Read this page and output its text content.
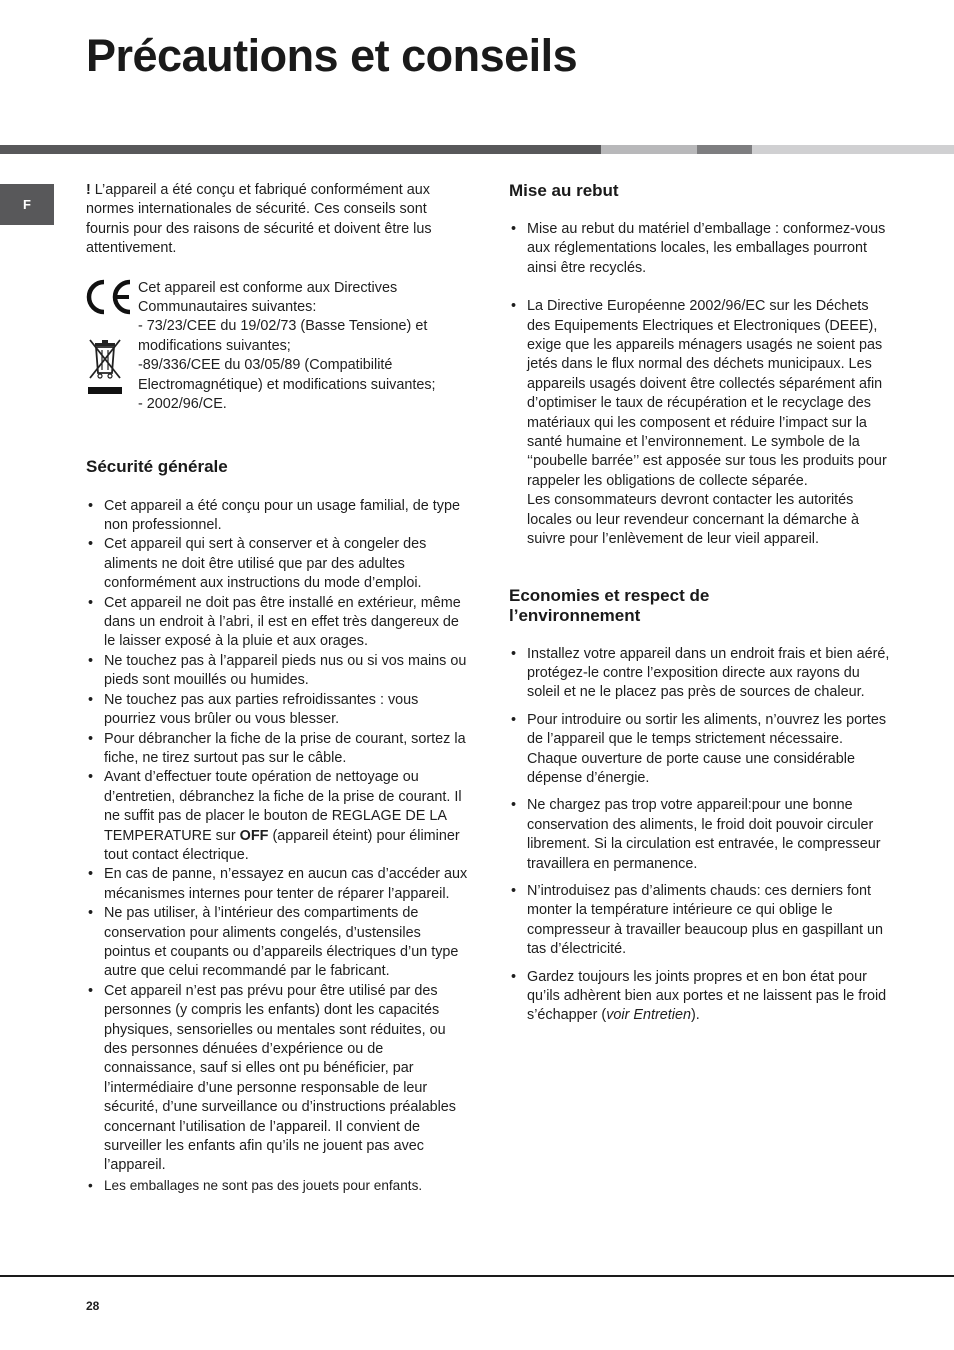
Précautions et conseils
F

! L’appareil a été conçu et fabriqué conformément aux normes internationales de sécurité. Ces conseils sont fournis pour des raisons de sécurité et doivent être lus attentivement.

Cet appareil est conforme aux Directives Communautaires suivantes:

- 73/23/CEE du 19/02/73 (Basse Tensione) et modifications suivantes;

-89/336/CEE du 03/05/89 (Compatibilité Electromagnétique) et modifications suivantes;

- 2002/96/CE.

Sécurité générale
• Cet appareil a été conçu pour un usage familial, de type non professionnel.
• Cet appareil qui sert à conserver et à congeler des aliments ne doit être utilisé que par des adultes conformément aux instructions du mode d’emploi.
• Cet appareil ne doit pas être installé en extérieur, même dans un endroit à l’abri, il est en effet très dangereux de le laisser exposé à la pluie et aux orages.
• Ne touchez pas à l’appareil pieds nus ou si vos mains ou pieds sont mouillés ou humides.
• Ne touchez pas aux parties refroidissantes : vous pourriez vous brûler ou vous blesser.
• Pour débrancher la fiche de la prise de courant, sortez la fiche, ne tirez surtout pas sur le câble.
• Avant d’effectuer toute opération de nettoyage ou d’entretien, débranchez la fiche de la prise de courant. Il ne suffit pas de placer le bouton de REGLAGE DE LA TEMPERATURE sur OFF (appareil éteint) pour éliminer tout contact électrique.
• En cas de panne, n’essayez en aucun cas d’accéder aux mécanismes internes pour tenter de réparer l’appareil.
• Ne pas utiliser, à l’intérieur des compartiments de conservation pour aliments congelés, d’ustensiles pointus et coupants ou d’appareils électriques d’un type autre que celui recommandé par le fabricant.
• Cet appareil n’est pas prévu pour être utilisé par des personnes (y compris les enfants) dont les capacités physiques, sensorielles ou mentales sont réduites, ou des personnes dénuées d’expérience ou de connaissance, sauf si elles ont pu bénéficier, par l’intermédiaire d’une personne responsable de leur sécurité, d’une surveillance ou d’instructions préalables concernant l’utilisation de l’appareil. Il convient de surveiller les enfants afin qu’ils ne jouent pas avec l’appareil.
• Les emballages ne sont pas des jouets pour enfants.
Mise au rebut
• Mise au rebut du matériel d’emballage : conformez-vous aux réglementations locales, les emballages pourront ainsi être recyclés.

• La Directive Européenne 2002/96/EC sur les Déchets des Equipements Electriques et Electroniques (DEEE), exige que les appareils ménagers usagés ne soient pas jetés dans le flux normal des déchets municipaux. Les appareils usagés doivent être collectés séparément afin d’optimiser le taux de récupération et le recyclage des matériaux qui les composent et réduire l’impact sur la santé humaine et l’environnement. Le symbole de la ‘‘poubelle barrée’’ est apposée sur tous les produits pour rappeler les obligations de collecte séparée.

Les consommateurs devront contacter les autorités locales ou leur revendeur concernant la démarche à suivre pour l’enlèvement de leur vieil appareil.

Economies et respect de
l’environnement
• Installez votre appareil dans un endroit frais et bien aéré, protégez-le contre l’exposition directe aux rayons du soleil et ne le placez pas près de sources de chaleur.

• Pour introduire ou sortir les aliments, n’ouvrez les portes de l’appareil que le temps strictement nécessaire.

Chaque ouverture de porte cause une considérable dépense d’énergie.

• Ne chargez pas trop votre appareil:pour une bonne conservation des aliments, le froid doit pouvoir circuler librement. Si la circulation est entravée, le compresseur travaillera en permanence.
• N’introduisez pas d’aliments chauds: ces derniers font monter la température intérieure ce qui oblige le compresseur à travailler beaucoup plus en gaspillant un tas d’électricité.
• Gardez toujours les joints propres et en bon état pour qu’ils adhèrent bien aux portes et ne laissent pas le froid s’échapper (voir Entretien).
28
